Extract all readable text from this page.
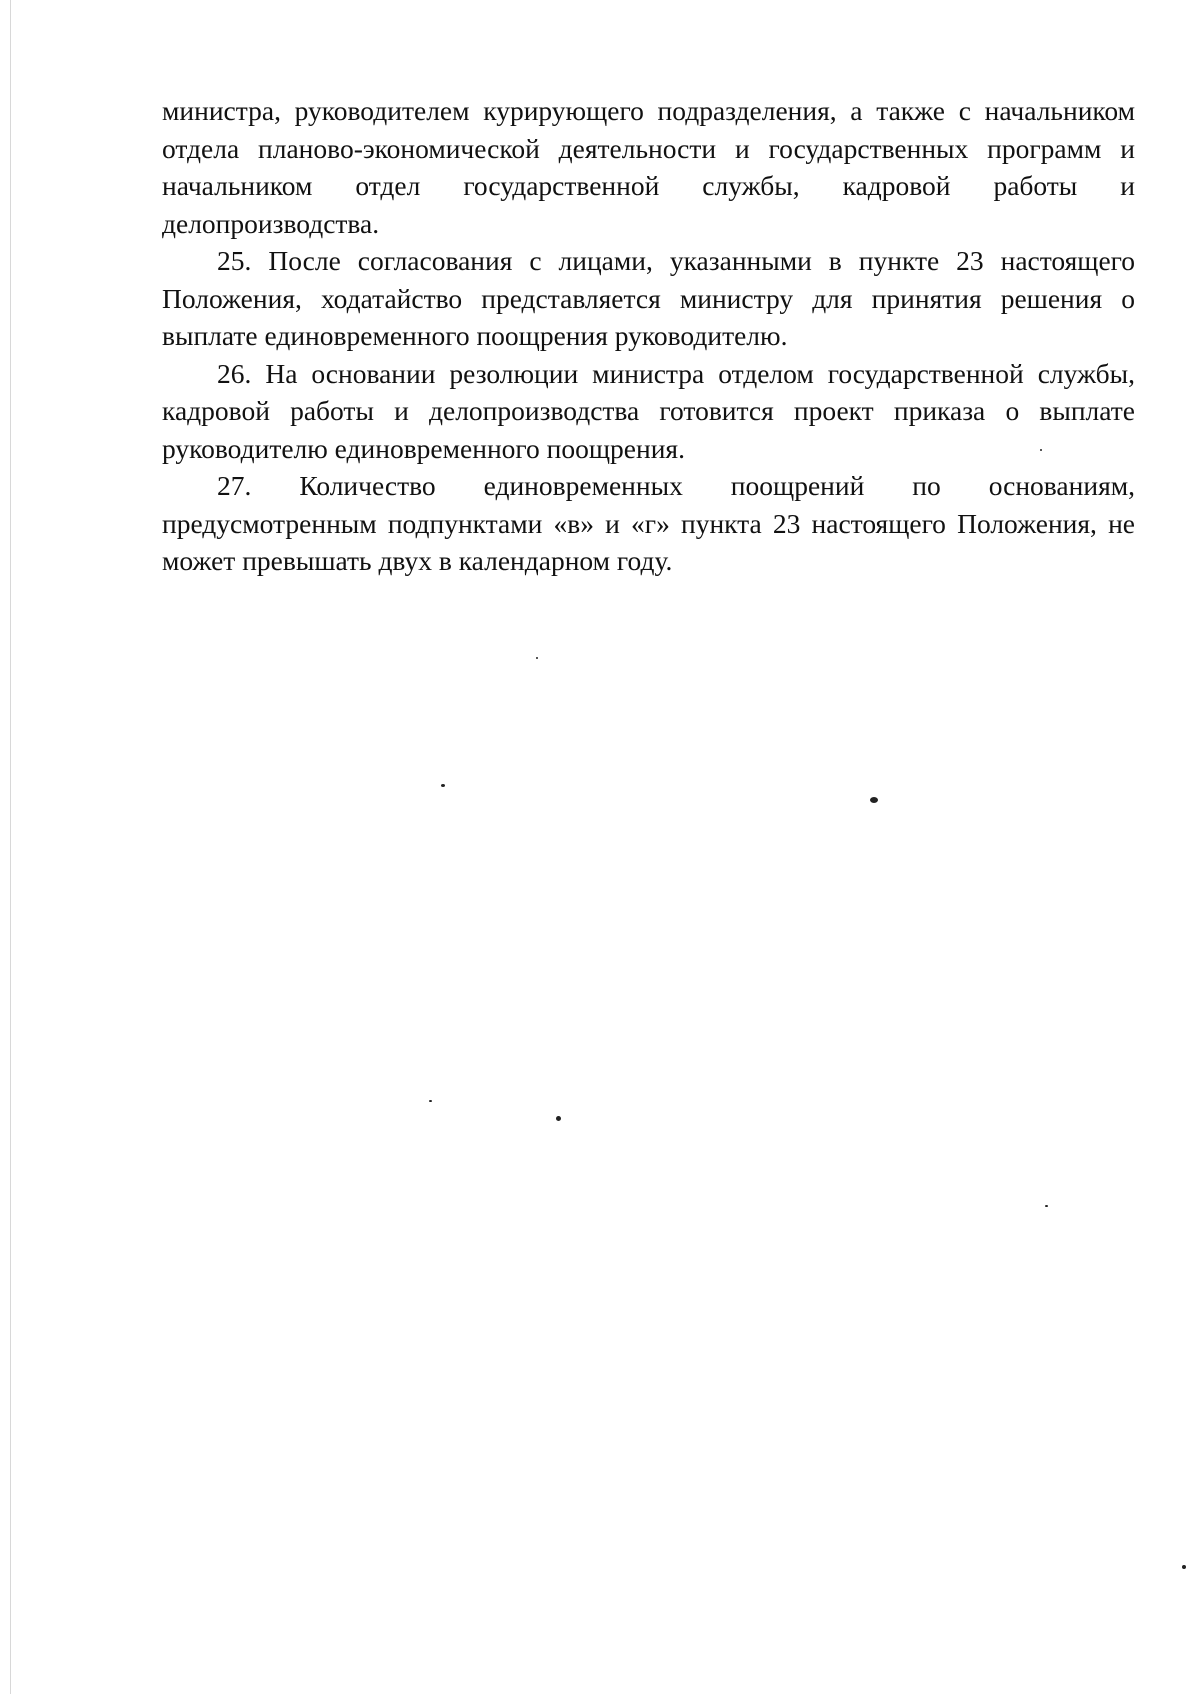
министра, руководителем курирующего подразделения, а также с начальником отдела планово-экономической деятельности и государственных программ и начальником отдел государственной службы, кадровой работы и делопроизводства.

25. После согласования с лицами, указанными в пункте 23 настоящего Положения, ходатайство представляется министру для принятия решения о выплате единовременного поощрения руководителю.

26. На основании резолюции министра отделом государственной службы, кадровой работы и делопроизводства готовится проект приказа о выплате руководителю единовременного поощрения.

27. Количество единовременных поощрений по основаниям, предусмотренным подпунктами «в» и «г» пункта 23 настоящего Положения, не может превышать двух в календарном году.
